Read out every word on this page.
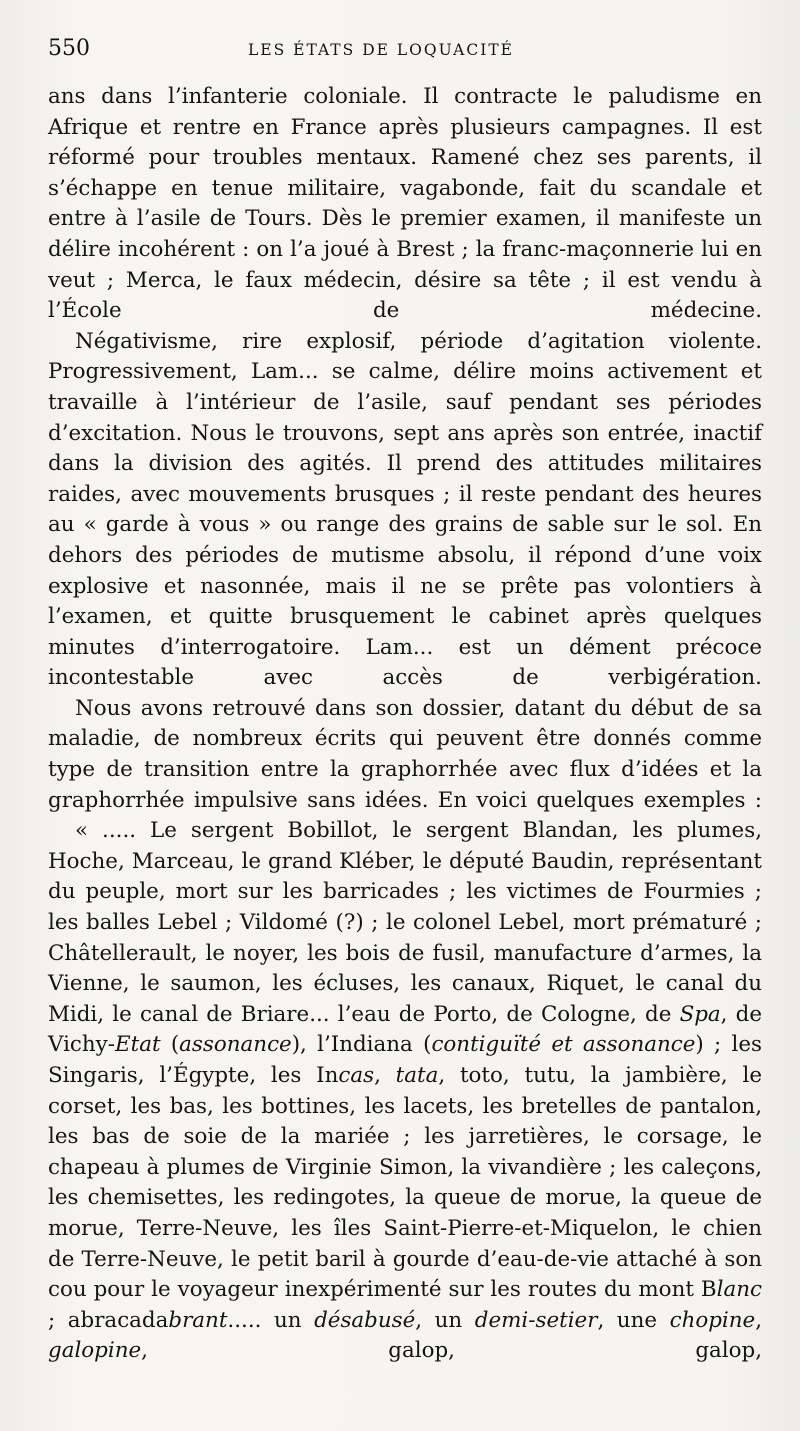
550	LES ÉTATS DE LOQUACITÉ

ans dans l’infanterie coloniale. Il contracte le paludisme en Afrique et rentre en France après plusieurs campagnes. Il est réformé pour troubles mentaux. Ramené chez ses parents, il s’échappe en tenue militaire, vagabonde, fait du scandale et entre à l’asile de Tours. Dès le premier examen, il manifeste un délire incohérent : on l’a joué à Brest ; la franc-maçonnerie lui en veut ; Merca, le faux médecin, désire sa tête ; il est vendu à l’École de médecine.

Négativisme, rire explosif, période d’agitation violente. Progressivement, Lam... se calme, délire moins activement et travaille à l’intérieur de l’asile, sauf pendant ses périodes d’excitation. Nous le trouvons, sept ans après son entrée, inactif dans la division des agités. Il prend des attitudes militaires raides, avec mouvements brusques ; il reste pendant des heures au « garde à vous » ou range des grains de sable sur le sol. En dehors des périodes de mutisme absolu, il répond d’une voix explosive et nasonnée, mais il ne se prête pas volontiers à l’examen, et quitte brusquement le cabinet après quelques minutes d’interrogatoire. Lam... est un dément précoce incontestable avec accès de verbigération.

Nous avons retrouvé dans son dossier, datant du début de sa maladie, de nombreux écrits qui peuvent être donnés comme type de transition entre la graphorrhée avec flux d’idées et la graphorrhée impulsive sans idées. En voici quelques exemples :

« ..... Le sergent Bobillot, le sergent Blandan, les plumes, Hoche, Marceau, le grand Kléber, le député Baudin, représentant du peuple, mort sur les barricades ; les victimes de Fourmies ; les balles Lebel ; Vildomé (?) ; le colonel Lebel, mort prématuré ; Châtellerault, le noyer, les bois de fusil, manufacture d’armes, la Vienne, le saumon, les écluses, les canaux, Riquet, le canal du Midi, le canal de Briare... l’eau de Porto, de Cologne, de Spa, de Vichy-Etat (assonance), l’Indiana (contiguïté et assonance) ; les Singaris, l’Égypte, les Incas, tata, toto, tutu, la jambière, le corset, les bas, les bottines, les lacets, les bretelles de pantalon, les bas de soie de la mariée ; les jarretières, le corsage, le chapeau à plumes de Virginie Simon, la vivandière ; les caleçons, les chemisettes, les redingotes, la queue de morue, la queue de morue, Terre-Neuve, les îles Saint-Pierre-et-Miquelon, le chien de Terre-Neuve, le petit baril à gourde d’eau-de-vie attaché à son cou pour le voyageur inexpérimenté sur les routes du mont Blanc ; abracadabrant..... un désabusé, un demi-setier, une chopine, galopine, galop, galop,
